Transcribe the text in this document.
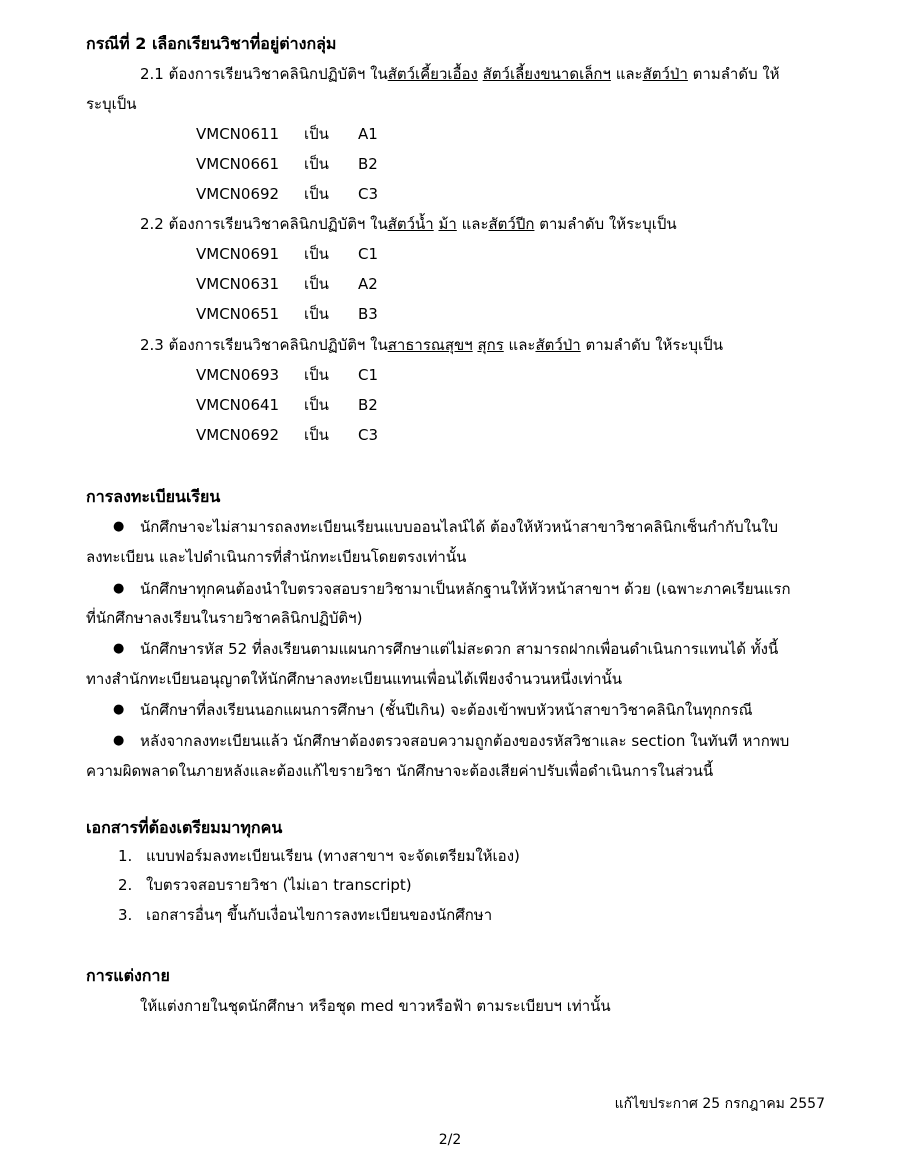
กรณีที่ 2 เลือกเรียนวิชาที่อยู่ต่างกลุ่ม
2.1 ต้องการเรียนวิชาคลินิกปฏิบัติฯ ในสัตว์เคี้ยวเอื้อง สัตว์เลี้ยงขนาดเล็กฯ และสัตว์ป่า ตามลำดับ ให้
ระบุเป็น
VMCN0611 เป็น A1
VMCN0661 เป็น B2
VMCN0692 เป็น C3
2.2 ต้องการเรียนวิชาคลินิกปฏิบัติฯ ในสัตว์น้ำ ม้า และสัตว์ปีก ตามลำดับ ให้ระบุเป็น
VMCN0691 เป็น C1
VMCN0631 เป็น A2
VMCN0651 เป็น B3
2.3 ต้องการเรียนวิชาคลินิกปฏิบัติฯ ในสาธารณสุขฯ สุกร และสัตว์ป่า ตามลำดับ ให้ระบุเป็น
VMCN0693 เป็น C1
VMCN0641 เป็น B2
VMCN0692 เป็น C3
การลงทะเบียนเรียน
● นักศึกษาจะไม่สามารถลงทะเบียนเรียนแบบออนไลน์ได้ ต้องให้หัวหน้าสาขาวิชาคลินิกเซ็นกำกับในใบ
ลงทะเบียน และไปดำเนินการที่สำนักทะเบียนโดยตรงเท่านั้น
● นักศึกษาทุกคนต้องนำใบตรวจสอบรายวิชามาเป็นหลักฐานให้หัวหน้าสาขาฯ ด้วย (เฉพาะภาคเรียนแรก
ที่นักศึกษาลงเรียนในรายวิชาคลินิกปฏิบัติฯ)
● นักศึกษารหัส 52 ที่ลงเรียนตามแผนการศึกษาแต่ไม่สะดวก สามารถฝากเพื่อนดำเนินการแทนได้ ทั้งนี้
ทางสำนักทะเบียนอนุญาตให้นักศึกษาลงทะเบียนแทนเพื่อนได้เพียงจำนวนหนึ่งเท่านั้น
● นักศึกษาที่ลงเรียนนอกแผนการศึกษา (ชั้นปีเกิน) จะต้องเข้าพบหัวหน้าสาขาวิชาคลินิกในทุกกรณี
● หลังจากลงทะเบียนแล้ว นักศึกษาต้องตรวจสอบความถูกต้องของรหัสวิชาและ section ในทันที หากพบ
ความผิดพลาดในภายหลังและต้องแก้ไขรายวิชา นักศึกษาจะต้องเสียค่าปรับเพื่อดำเนินการในส่วนนี้
เอกสารที่ต้องเตรียมมาทุกคน
1. แบบฟอร์มลงทะเบียนเรียน (ทางสาขาฯ จะจัดเตรียมให้เอง)
2. ใบตรวจสอบรายวิชา (ไม่เอา transcript)
3. เอกสารอื่นๆ ขึ้นกับเงื่อนไขการลงทะเบียนของนักศึกษา
การแต่งกาย
ให้แต่งกายในชุดนักศึกษา หรือชุด med ขาวหรือฟ้า ตามระเบียบฯ เท่านั้น
แก้ไขประกาศ 25 กรกฎาคม 2557
2/2
